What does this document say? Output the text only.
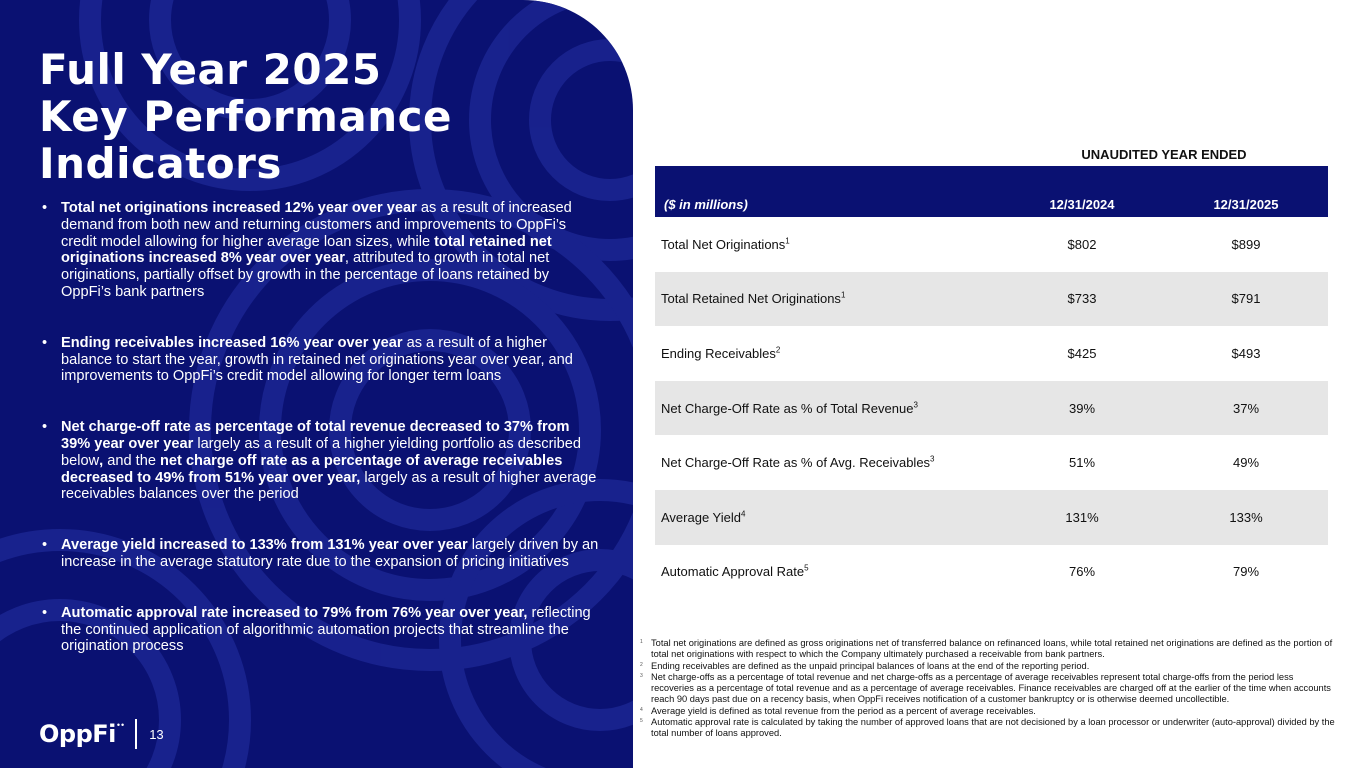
Full Year 2025
Key Performance
Indicators
• Total net originations increased 12% year over year as a result of increased demand from both new and returning customers and improvements to OppFi’s credit model allowing for higher average loan sizes, while total retained net originations increased 8% year over year, attributed to growth in total net originations, partially offset by growth in the percentage of loans retained by OppFi’s bank partners
• Ending receivables increased 16% year over year as a result of a higher balance to start the year, growth in retained net originations year over year, and improvements to OppFi’s credit model allowing for longer term loans
• Net charge-off rate as percentage of total revenue decreased to 37% from 39% year over year largely as a result of a higher yielding portfolio as described below, and the net charge off rate as a percentage of average receivables decreased to 49% from 51% year over year, largely as a result of higher average receivables balances over the period
• Average yield increased to 133% from 131% year over year largely driven by an increase in the average statutory rate due to the expansion of pricing initiatives
• Automatic approval rate increased to 79% from 76% year over year, reflecting the continued application of algorithmic automation projects that streamline the origination process
OppFi ••
13
UNAUDITED YEAR ENDED
($ in millions)	12/31/2024	12/31/2025
Total Net Originations$^1$	$802	$899
Total Retained Net Originations$^1$	$733	$791
Ending Receivables$^2$	$425	$493
Net Charge-Off Rate as % of Total Revenue$^3$	39%	37%
Net Charge-Off Rate as % of Avg. Receivables$^3$	51%	49%
Average Yield$^4$	131%	133%
Automatic Approval Rate$^5$	76%	79%
1 Total net originations are defined as gross originations net of transferred balance on refinanced loans, while total retained net originations are defined as the portion of total net originations with respect to which the Company ultimately purchased a receivable from bank partners.
2 Ending receivables are defined as the unpaid principal balances of loans at the end of the reporting period.
3 Net charge-offs as a percentage of total revenue and net charge-offs as a percentage of average receivables represent total charge-offs from the period less recoveries as a percentage of total revenue and as a percentage of average receivables. Finance receivables are charged off at the earlier of the time when accounts reach 90 days past due on a recency basis, when OppFi receives notification of a customer bankruptcy or is otherwise deemed uncollectible.
4 Average yield is defined as total revenue from the period as a percent of average receivables.
5 Automatic approval rate is calculated by taking the number of approved loans that are not decisioned by a loan processor or underwriter (auto-approval) divided by the total number of loans approved.
